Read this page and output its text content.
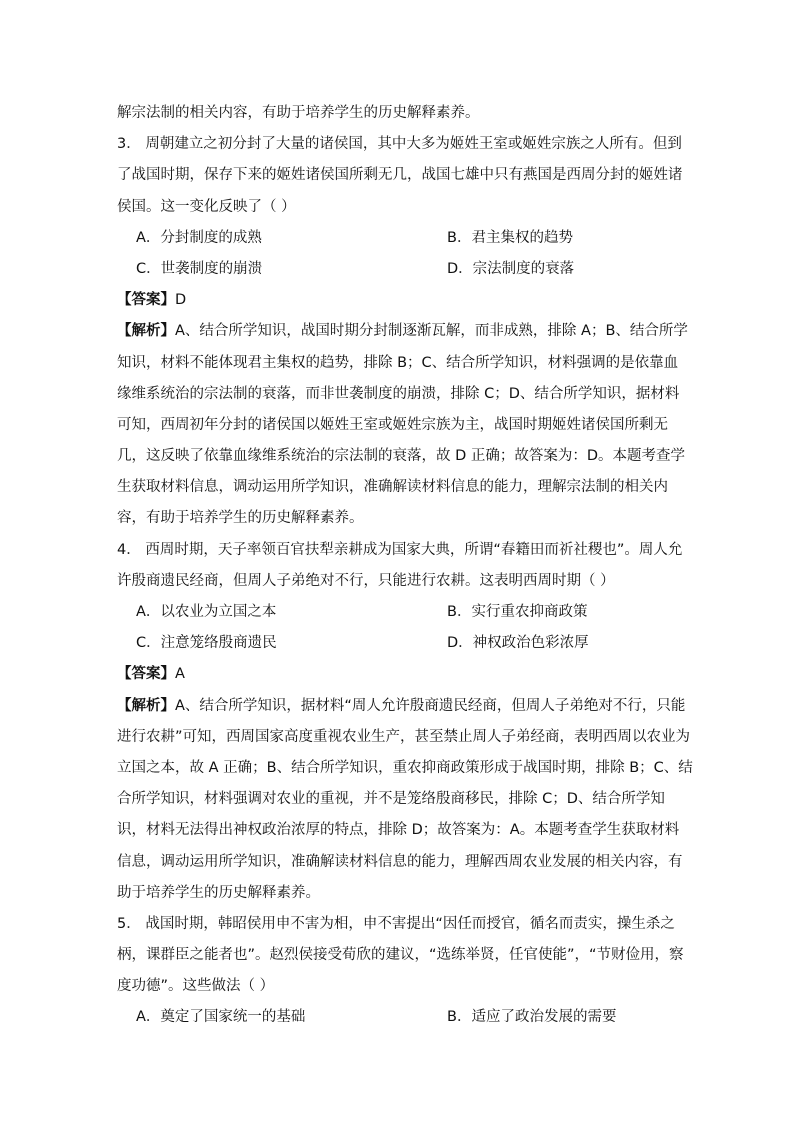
解宗法制的相关内容，有助于培养学生的历史解释素养。
3． 周朝建立之初分封了大量的诸侯国，其中大多为姬姓王室或姬姓宗族之人所有。但到
了战国时期，保存下来的姬姓诸侯国所剩无几，战国七雄中只有燕国是西周分封的姬姓诸
侯国。这一变化反映了（ ）
A．分封制度的成熟	B．君主集权的趋势
C．世袭制度的崩溃	D．宗法制度的衰落
【答案】D
【解析】A、结合所学知识，战国时期分封制逐渐瓦解，而非成熟，排除 A；B、结合所学
知识，材料不能体现君主集权的趋势，排除 B；C、结合所学知识，材料强调的是依靠血
缘维系统治的宗法制的衰落，而非世袭制度的崩溃，排除 C；D、结合所学知识，据材料
可知，西周初年分封的诸侯国以姬姓王室或姬姓宗族为主，战国时期姬姓诸侯国所剩无
几，这反映了依靠血缘维系统治的宗法制的衰落，故 D 正确；故答案为：D。本题考查学
生获取材料信息，调动运用所学知识，准确解读材料信息的能力，理解宗法制的相关内
容，有助于培养学生的历史解释素养。
4． 西周时期，天子率领百官扶犁亲耕成为国家大典，所谓“春籍田而祈社稷也”。周人允
许殷商遗民经商，但周人子弟绝对不行，只能进行农耕。这表明西周时期（ ）
A．以农业为立国之本	B．实行重农抑商政策
C．注意笼络殷商遗民	D．神权政治色彩浓厚
【答案】A
【解析】A、结合所学知识，据材料“周人允许殷商遗民经商，但周人子弟绝对不行，只能
进行农耕”可知，西周国家高度重视农业生产，甚至禁止周人子弟经商，表明西周以农业为
立国之本，故 A 正确；B、结合所学知识，重农抑商政策形成于战国时期，排除 B；C、结
合所学知识，材料强调对农业的重视，并不是笼络殷商移民，排除 C；D、结合所学知
识，材料无法得出神权政治浓厚的特点，排除 D；故答案为：A。本题考查学生获取材料
信息，调动运用所学知识，准确解读材料信息的能力，理解西周农业发展的相关内容，有
助于培养学生的历史解释素养。
5． 战国时期，韩昭侯用申不害为相，申不害提出“因任而授官，循名而责实，操生杀之
柄，课群臣之能者也”。赵烈侯接受荀欣的建议，“选练举贤，任官使能”，“节财俭用，察
度功德”。这些做法（ ）
A．奠定了国家统一的基础	B．适应了政治发展的需要
